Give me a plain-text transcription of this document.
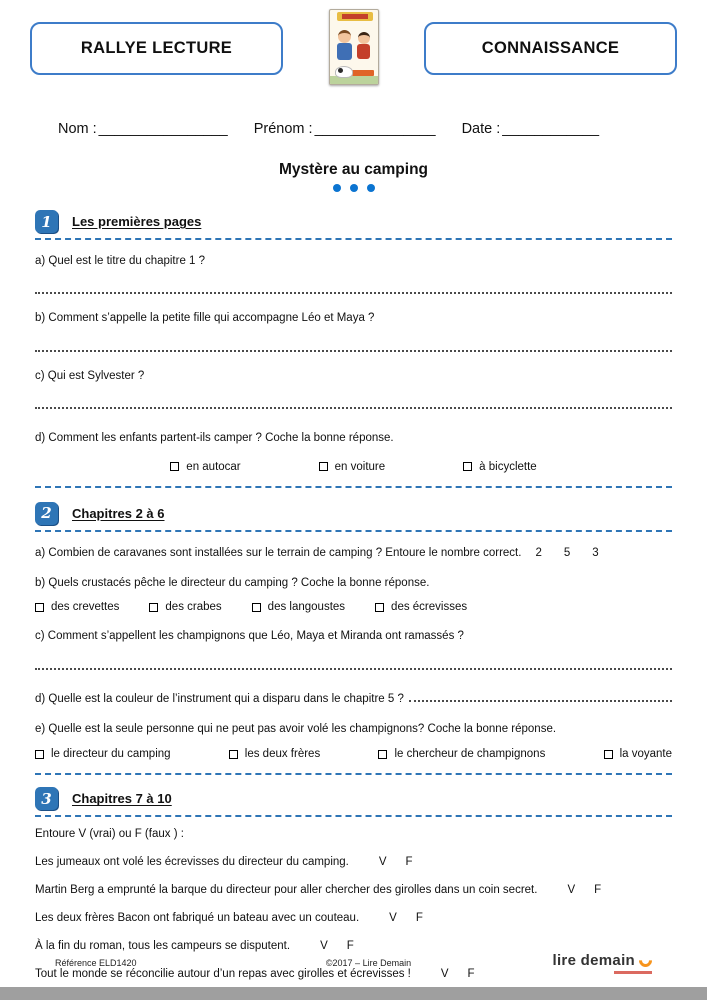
RALLYE LECTURE	CONNAISSANCE
Nom : ________________ Prénom : _______________ Date : ____________
Mystère au camping
1	Les premières pages

a) Quel est le titre du chapitre 1 ?

b) Comment s’appelle la petite fille qui accompagne Léo et Maya ?

c) Qui est Sylvester ?

d) Comment les enfants partent-ils camper ? Coche la bonne réponse.

en autocar	en voiture	à bicyclette
2	Chapitres 2 à 6

a) Combien de caravanes sont installées sur le terrain de camping ? Entoure le nombre correct. 2 5 3

b) Quels crustacés pêche le directeur du camping ? Coche la bonne réponse.

des crevettes	des crabes	des langoustes	des écrevisses

c) Comment s’appellent les champignons que Léo, Maya et Miranda ont ramassés ?

d) Quelle est la couleur de l’instrument qui a disparu dans le chapitre 5 ?

e) Quelle est la seule personne qui ne peut pas avoir volé les champignons? Coche la bonne réponse.

le directeur du camping	les deux frères	le chercheur de champignons	la voyante
3	Chapitres 7 à 10

Entoure V (vrai) ou F (faux ) :

Les jumeaux ont volé les écrevisses du directeur du camping.	V F
Martin Berg a emprunté la barque du directeur pour aller chercher des girolles dans un coin secret.	V F
Les deux frères Bacon ont fabriqué un bateau avec un couteau.	V F
À la fin du roman, tous les campeurs se disputent.	V F
Tout le monde se réconcilie autour d’un repas avec girolles et écrevisses !	V F
Référence ELD1420	©2017 – Lire Demain	lire demain
